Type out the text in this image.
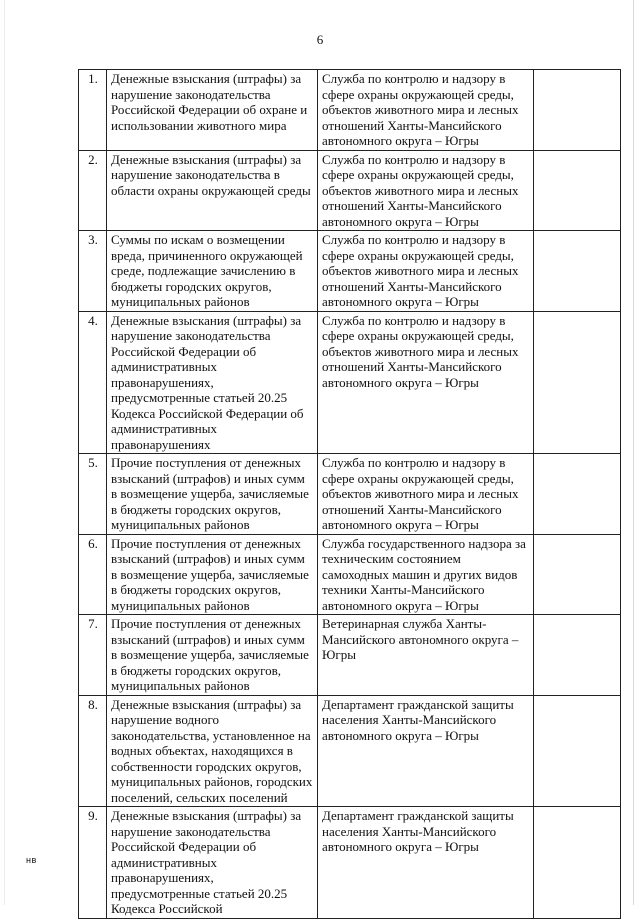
6
1.	Денежные взыскания (штрафы) за нарушение законодательства Российской Федерации об охране и использовании животного мира	Служба по контролю и надзору в сфере охраны окружающей среды, объектов животного мира и лесных отношений Ханты-Мансийского автономного округа – Югры	
2.	Денежные взыскания (штрафы) за нарушение законодательства в области охраны окружающей среды	Служба по контролю и надзору в сфере охраны окружающей среды, объектов животного мира и лесных отношений Ханты-Мансийского автономного округа – Югры	
3.	Суммы по искам о возмещении вреда, причиненного окружающей среде, подлежащие зачислению в бюджеты городских округов, муниципальных районов	Служба по контролю и надзору в сфере охраны окружающей среды, объектов животного мира и лесных отношений Ханты-Мансийского автономного округа – Югры	
4.	Денежные взыскания (штрафы) за нарушение законодательства Российской Федерации об административных правонарушениях, предусмотренные статьей 20.25 Кодекса Российской Федерации об административных правонарушениях	Служба по контролю и надзору в сфере охраны окружающей среды, объектов животного мира и лесных отношений Ханты-Мансийского автономного округа – Югры	
5.	Прочие поступления от денежных взысканий (штрафов) и иных сумм в возмещение ущерба, зачисляемые в бюджеты городских округов, муниципальных районов	Служба по контролю и надзору в сфере охраны окружающей среды, объектов животного мира и лесных отношений Ханты-Мансийского автономного округа – Югры	
6.	Прочие поступления от денежных взысканий (штрафов) и иных сумм в возмещение ущерба, зачисляемые в бюджеты городских округов, муниципальных районов	Служба государственного надзора за техническим состоянием самоходных машин и других видов техники Ханты-Мансийского автономного округа – Югры	
7.	Прочие поступления от денежных взысканий (штрафов) и иных сумм в возмещение ущерба, зачисляемые в бюджеты городских округов, муниципальных районов	Ветеринарная служба Ханты-Мансийского автономного округа – Югры	
8.	Денежные взыскания (штрафы) за нарушение водного законодательства, установленное на водных объектах, находящихся в собственности городских округов, муниципальных районов, городских поселений, сельских поселений	Департамент гражданской защиты населения Ханты-Мансийского автономного округа – Югры	
9.	Денежные взыскания (штрафы) за нарушение законодательства Российской Федерации об административных правонарушениях, предусмотренные статьей 20.25 Кодекса Российской	Департамент гражданской защиты населения Ханты-Мансийского автономного округа – Югры	
нв
